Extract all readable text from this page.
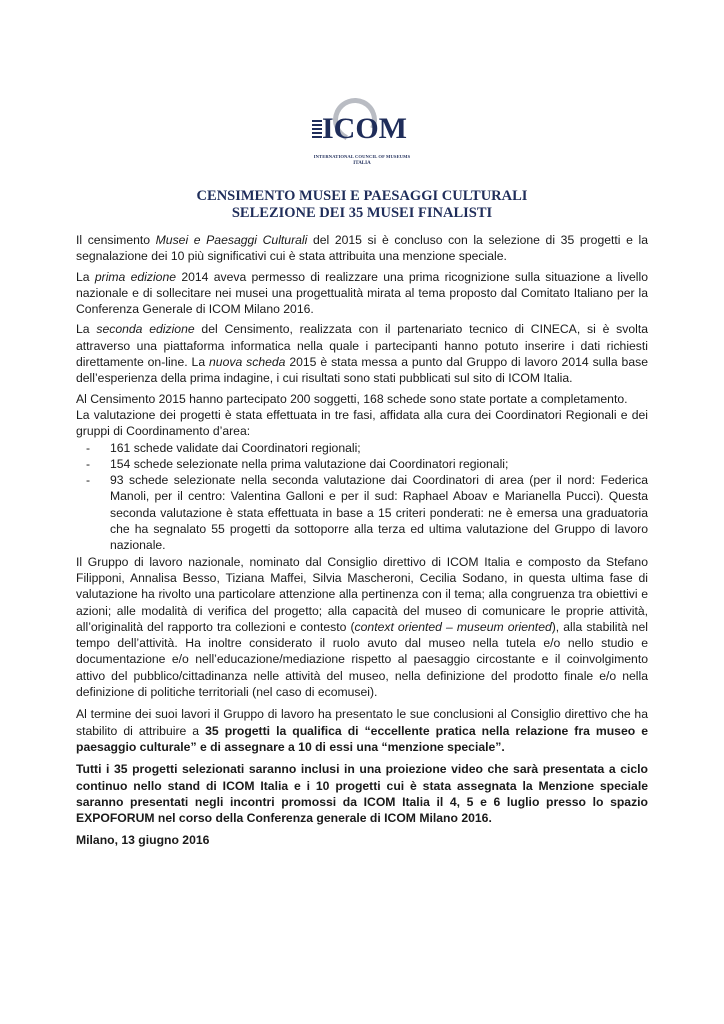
ICOM
INTERNATIONAL COUNCIL OF MUSEUMS
ITALIA
CENSIMENTO MUSEI E PAESAGGI CULTURALI
SELEZIONE DEI 35 MUSEI FINALISTI

Il censimento Musei e Paesaggi Culturali del 2015 si è concluso con la selezione di 35 progetti e la segnalazione dei 10 più significativi cui è stata attribuita una menzione speciale.

La prima edizione 2014 aveva permesso di realizzare una prima ricognizione sulla situazione a livello nazionale e di sollecitare nei musei una progettualità mirata al tema proposto dal Comitato Italiano per la Conferenza Generale di ICOM Milano 2016.

La seconda edizione del Censimento, realizzata con il partenariato tecnico di CINECA, si è svolta attraverso una piattaforma informatica nella quale i partecipanti hanno potuto inserire i dati richiesti direttamente on-line. La nuova scheda 2015 è stata messa a punto dal Gruppo di lavoro 2014 sulla base dell’esperienza della prima indagine, i cui risultati sono stati pubblicati sul sito di ICOM Italia.

Al Censimento 2015 hanno partecipato 200 soggetti, 168 schede sono state portate a completamento.

La valutazione dei progetti è stata effettuata in tre fasi, affidata alla cura dei Coordinatori Regionali e dei gruppi di Coordinamento d’area:

- 161 schede validate dai Coordinatori regionali;
- 154 schede selezionate nella prima valutazione dai Coordinatori regionali;
- 93 schede selezionate nella seconda valutazione dai Coordinatori di area (per il nord: Federica Manoli, per il centro: Valentina Galloni e per il sud: Raphael Aboav e Marianella Pucci). Questa seconda valutazione è stata effettuata in base a 15 criteri ponderati: ne è emersa una graduatoria che ha segnalato 55 progetti da sottoporre alla terza ed ultima valutazione del Gruppo di lavoro nazionale.

Il Gruppo di lavoro nazionale, nominato dal Consiglio direttivo di ICOM Italia e composto da Stefano Filipponi, Annalisa Besso, Tiziana Maffei, Silvia Mascheroni, Cecilia Sodano, in questa ultima fase di valutazione ha rivolto una particolare attenzione alla pertinenza con il tema; alla congruenza tra obiettivi e azioni; alle modalità di verifica del progetto; alla capacità del museo di comunicare le proprie attività, all’originalità del rapporto tra collezioni e contesto (context oriented – museum oriented), alla stabilità nel tempo dell’attività. Ha inoltre considerato il ruolo avuto dal museo nella tutela e/o nello studio e documentazione e/o nell’educazione/mediazione rispetto al paesaggio circostante e il coinvolgimento attivo del pubblico/cittadinanza nelle attività del museo, nella definizione del prodotto finale e/o nella definizione di politiche territoriali (nel caso di ecomusei).

Al termine dei suoi lavori il Gruppo di lavoro ha presentato le sue conclusioni al Consiglio direttivo che ha stabilito di attribuire a 35 progetti la qualifica di “eccellente pratica nella relazione fra museo e paesaggio culturale” e di assegnare a 10 di essi una “menzione speciale”.

Tutti i 35 progetti selezionati saranno inclusi in una proiezione video che sarà presentata a ciclo continuo nello stand di ICOM Italia e i 10 progetti cui è stata assegnata la Menzione speciale saranno presentati negli incontri promossi da ICOM Italia il 4, 5 e 6 luglio presso lo spazio EXPOFORUM nel corso della Conferenza generale di ICOM Milano 2016.

Milano, 13 giugno 2016
